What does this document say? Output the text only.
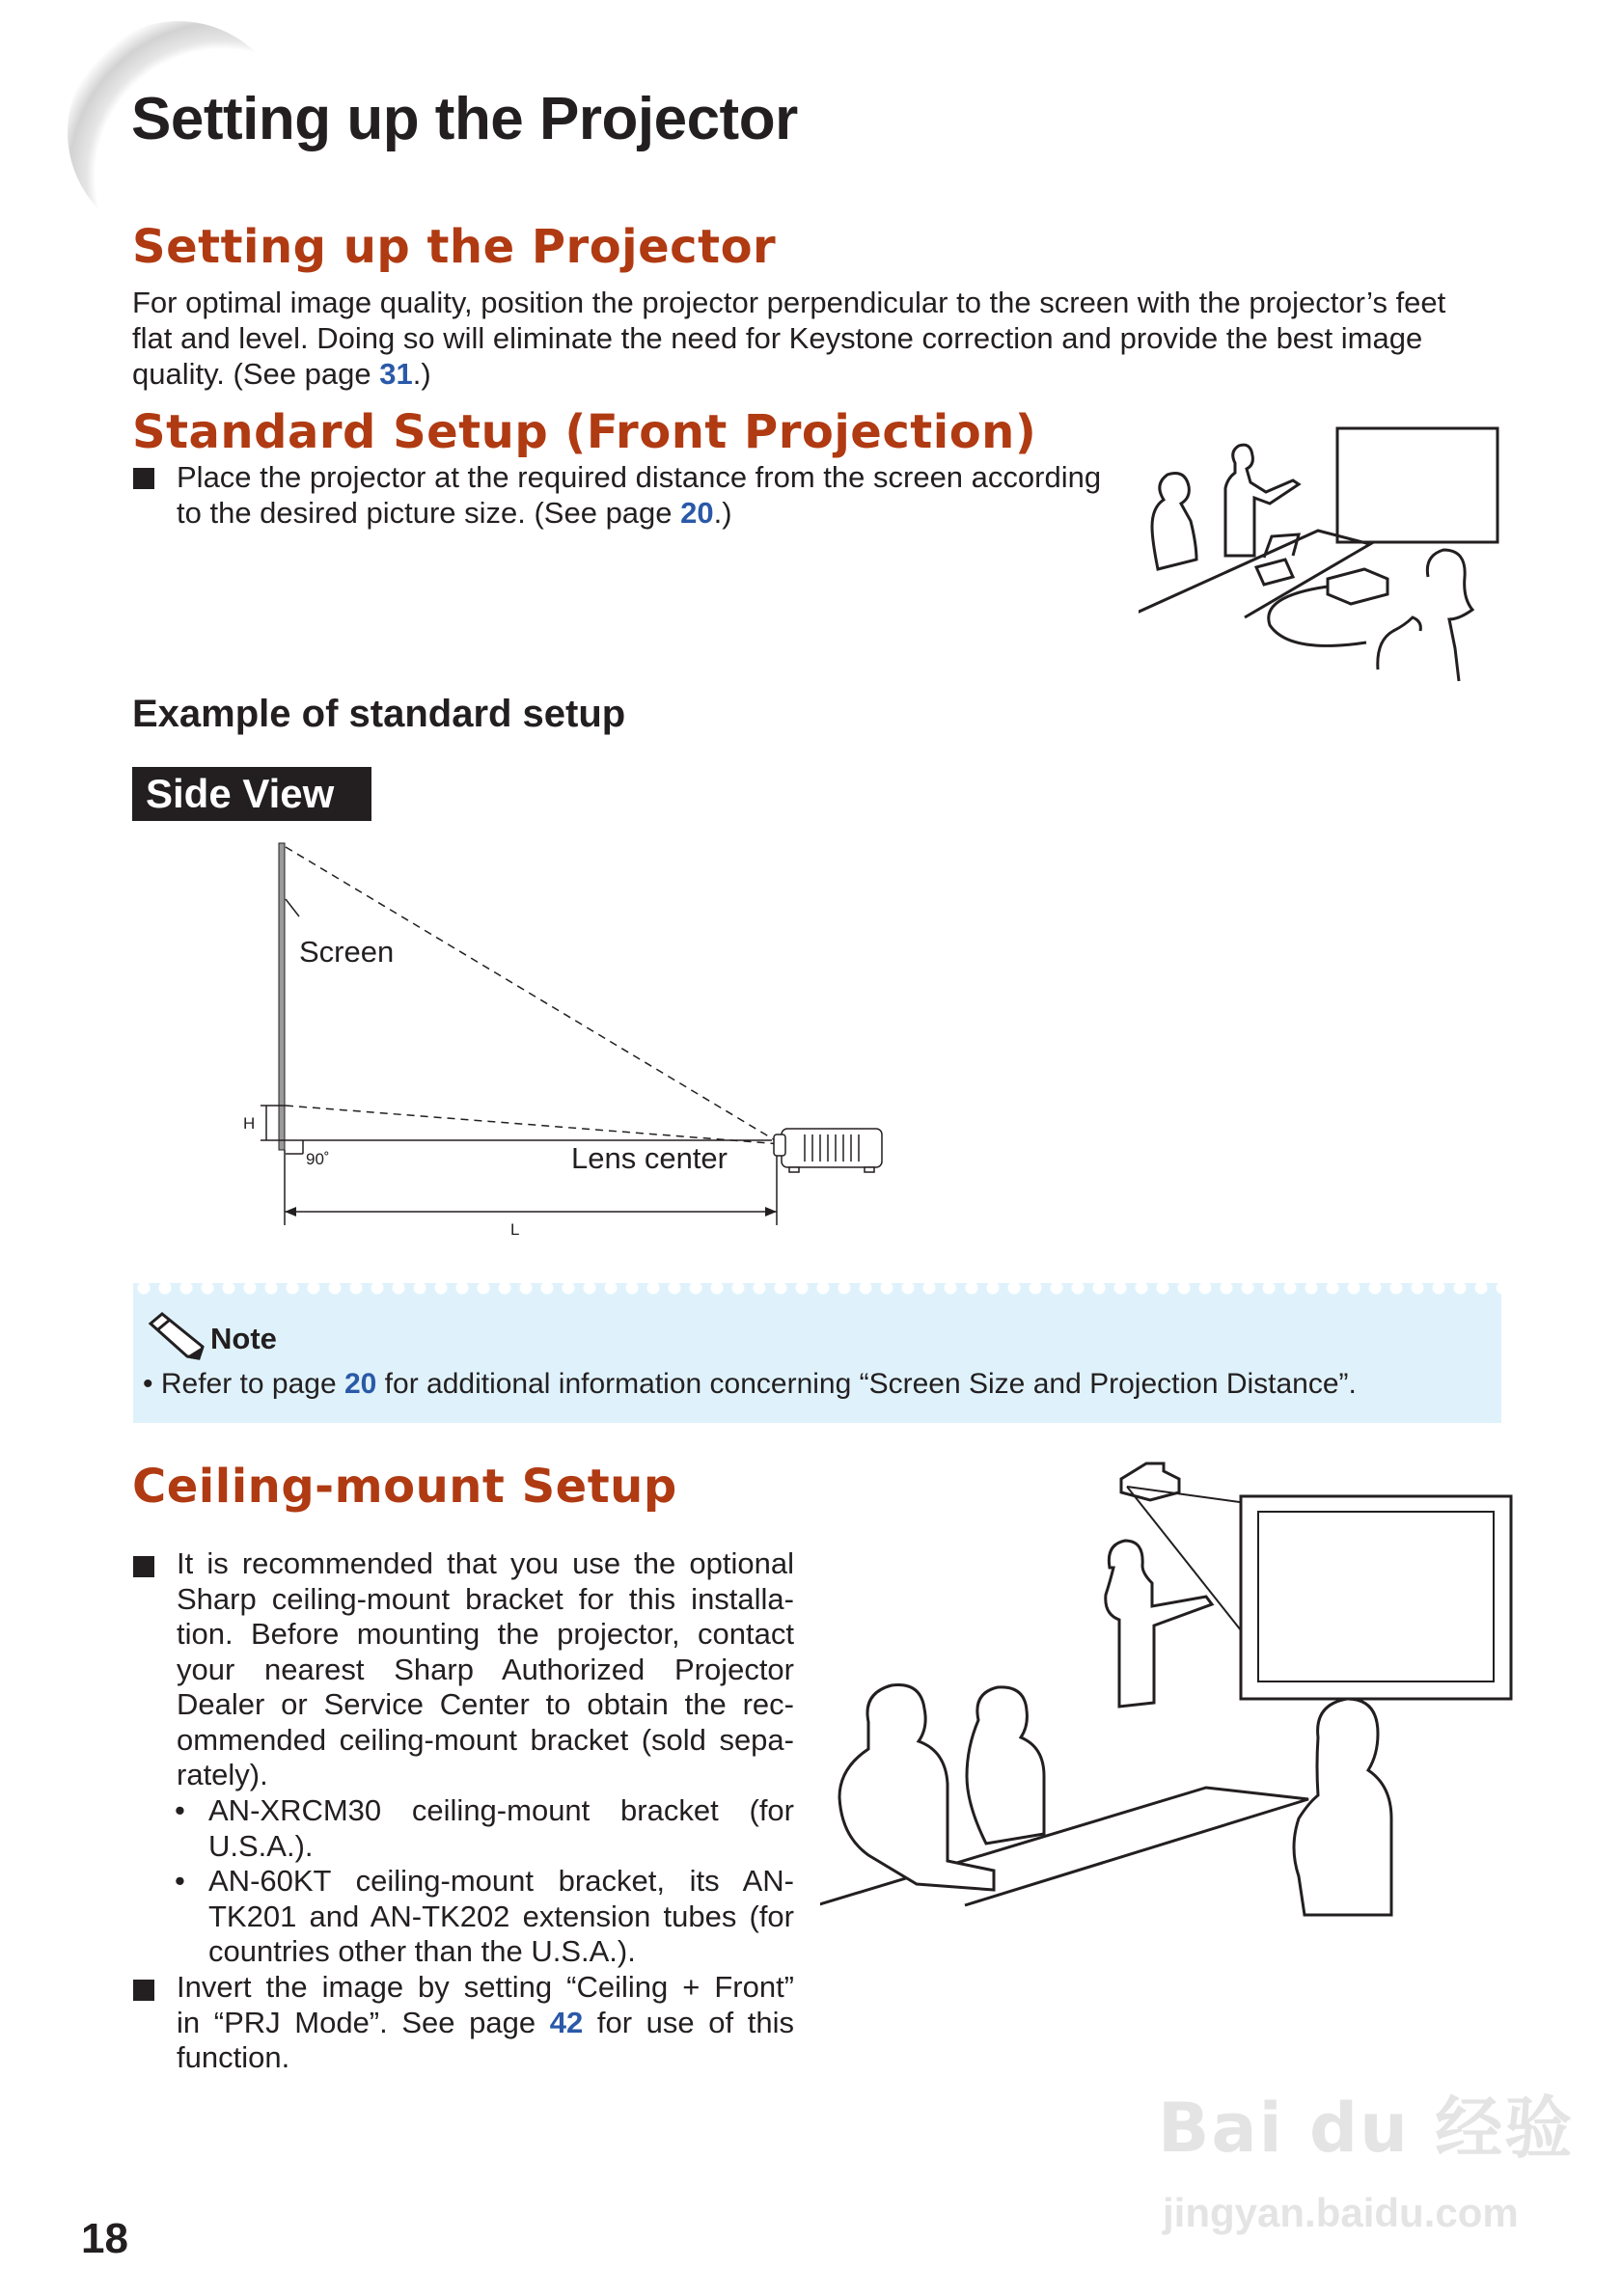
Setting up the Projector
Setting up the Projector
For optimal image quality, position the projector perpendicular to the screen with the projector’s feet
flat and level. Doing so will eliminate the need for Keystone correction and provide the best image
quality. (See page 31.)
Standard Setup (Front Projection)
Place the projector at the required distance from the screen according
to the desired picture size. (See page 20.)
Example of standard setup
Side View
Screen
H
90˚	Lens center
L
Note
• Refer to page 20 for additional information concerning “Screen Size and Projection Distance”.
Ceiling-mount Setup
It is recommended that you use the optional
Sharp ceiling-mount bracket for this installa-
tion. Before mounting the projector, contact
your nearest Sharp Authorized Projector
Dealer or Service Center to obtain the rec-
ommended ceiling-mount bracket (sold sepa-
rately).
• AN-XRCM30 ceiling-mount bracket (for
U.S.A.).
• AN-60KT ceiling-mount bracket, its AN-
TK201 and AN-TK202 extension tubes (for
countries other than the U.S.A.).
Invert the image by setting “Ceiling + Front”
in “PRJ Mode”. See page 42 for use of this
function.
18
Bai du 经验
jingyan.baidu.com
